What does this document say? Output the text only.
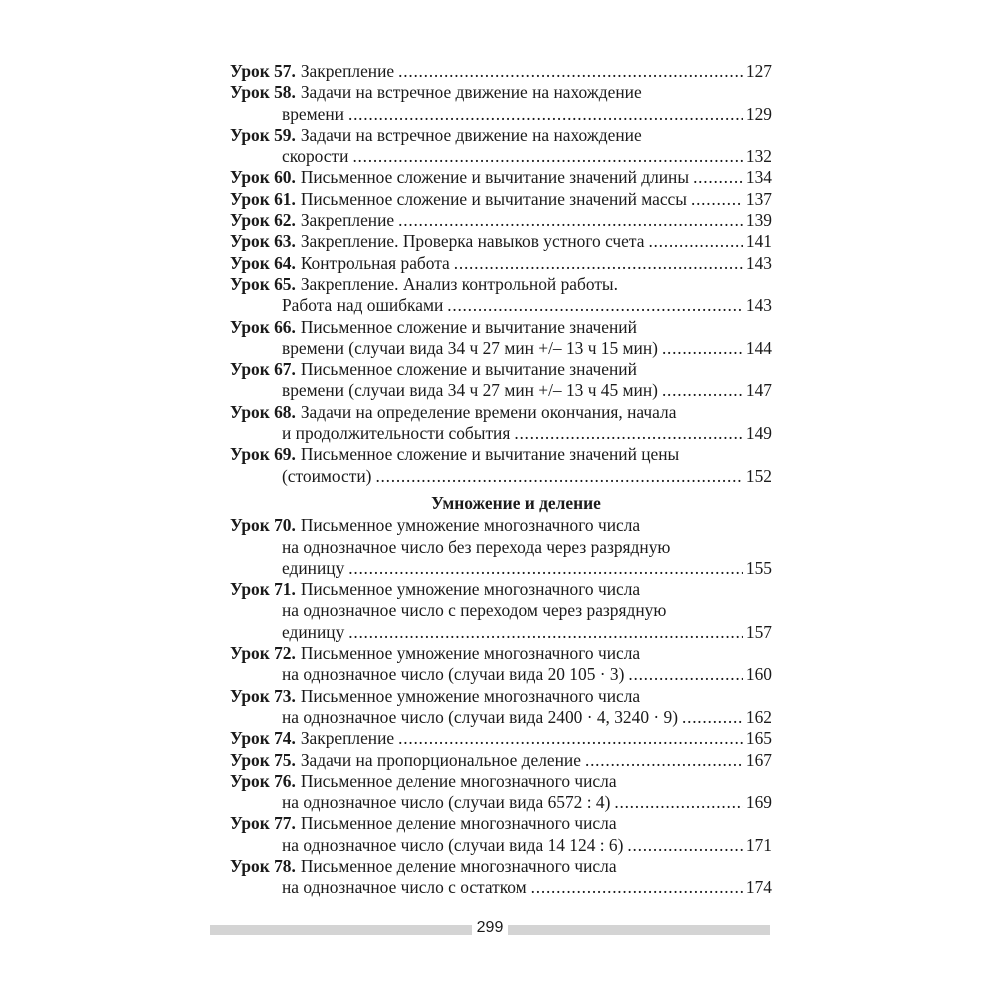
Урок 57. Закрепление . . .	127
Урок 58. Задачи на встречное движение на нахождение
времени . . .	129
Урок 59. Задачи на встречное движение на нахождение
скорости . . .	132
Урок 60. Письменное сложение и вычитание значений длины . . .	134
Урок 61. Письменное сложение и вычитание значений массы . . .	137
Урок 62. Закрепление . . .	139
Урок 63. Закрепление. Проверка навыков устного счета . . .	141
Урок 64. Контрольная работа . . .	143
Урок 65. Закрепление. Анализ контрольной работы.
Работа над ошибками . . .	143
Урок 66. Письменное сложение и вычитание значений
времени (случаи вида 34 ч 27 мин +/– 13 ч 15 мин) . . .	144
Урок 67. Письменное сложение и вычитание значений
времени (случаи вида 34 ч 27 мин +/– 13 ч 45 мин) . . .	147
Урок 68. Задачи на определение времени окончания, начала
и продолжительности события . . .	149
Урок 69. Письменное сложение и вычитание значений цены
(стоимости) . . .	152
Умножение и деление
Урок 70. Письменное умножение многозначного числа
на однозначное число без перехода через разрядную
единицу . . .	155
Урок 71. Письменное умножение многозначного числа
на однозначное число с переходом через разрядную
единицу . . .	157
Урок 72. Письменное умножение многозначного числа
на однозначное число (случаи вида 20 105 · 3) . . .	160
Урок 73. Письменное умножение многозначного числа
на однозначное число (случаи вида 2400 · 4, 3240 · 9) . . .	162
Урок 74. Закрепление . . .	165
Урок 75. Задачи на пропорциональное деление . . .	167
Урок 76. Письменное деление многозначного числа
на однозначное число (случаи вида 6572 : 4) . . .	169
Урок 77. Письменное деление многозначного числа
на однозначное число (случаи вида 14 124 : 6) . . .	171
Урок 78. Письменное деление многозначного числа
на однозначное число с остатком . . .	174
299
